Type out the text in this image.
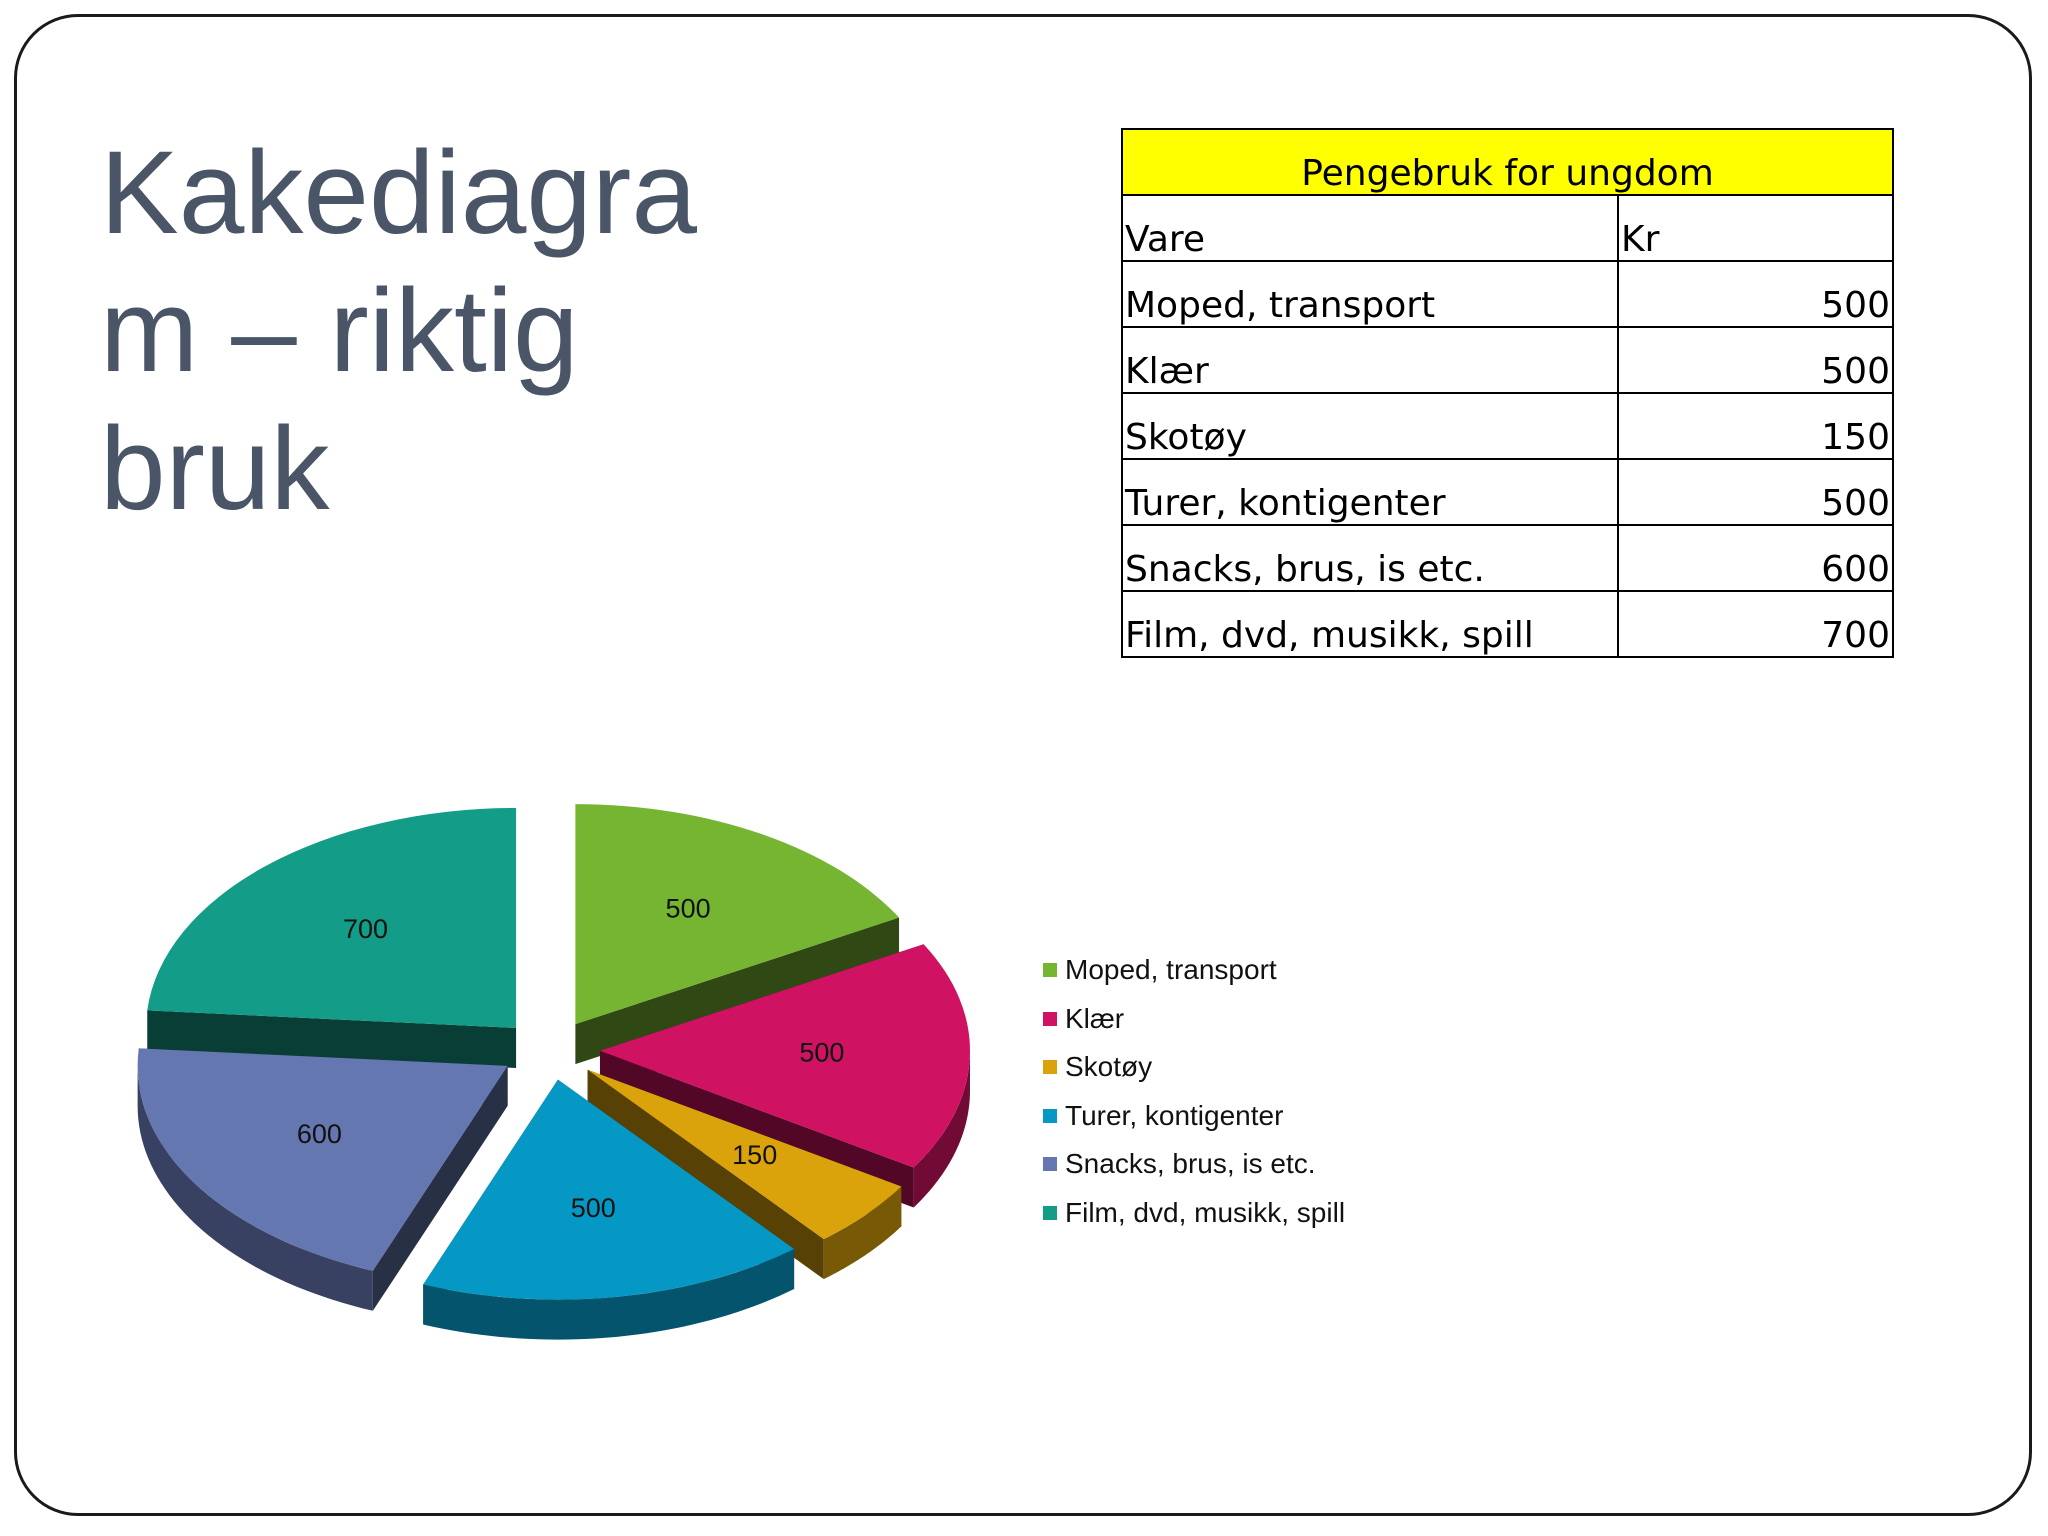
Kakediagra
m – riktig
bruk
Pengebruk for ungdom	
Vare	Kr
Moped, transport	500
Klær	500
Skotøy	150
Turer, kontigenter	500
Snacks, brus, is etc.	600
Film, dvd, musikk, spill	700
500
500
150
500
600
700
Moped, transport
Klær
Skotøy
Turer, kontigenter
Snacks, brus, is etc.
Film, dvd, musikk, spill
